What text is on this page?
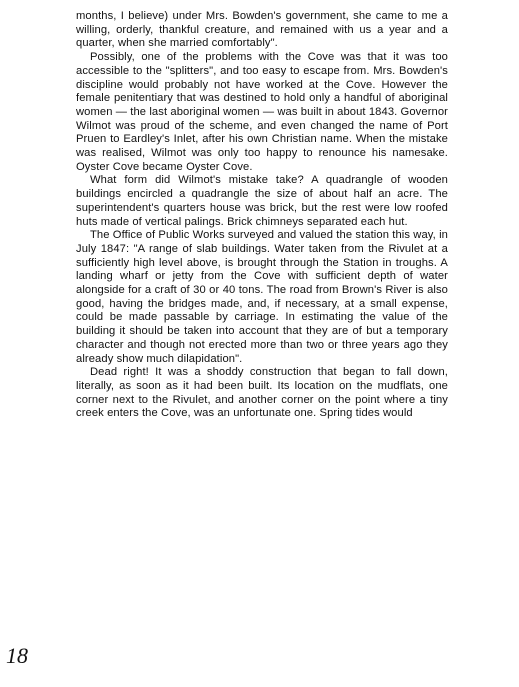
months, I believe) under Mrs. Bowden's government, she came to me a willing, orderly, thankful creature, and remained with us a year and a quarter, when she married comfortably".

Possibly, one of the problems with the Cove was that it was too accessible to the "splitters", and too easy to escape from. Mrs. Bowden's discipline would probably not have worked at the Cove. However the female penitentiary that was destined to hold only a handful of aboriginal women — the last aboriginal women — was built in about 1843. Governor Wilmot was proud of the scheme, and even changed the name of Port Pruen to Eardley's Inlet, after his own Christian name. When the mistake was realised, Wilmot was only too happy to renounce his namesake. Oyster Cove became Oyster Cove.

What form did Wilmot's mistake take? A quadrangle of wooden buildings encircled a quadrangle the size of about half an acre. The superintendent's quarters house was brick, but the rest were low roofed huts made of vertical palings. Brick chimneys separated each hut.

The Office of Public Works surveyed and valued the station this way, in July 1847: "A range of slab buildings. Water taken from the Rivulet at a sufficiently high level above, is brought through the Station in troughs. A landing wharf or jetty from the Cove with sufficient depth of water alongside for a craft of 30 or 40 tons. The road from Brown's River is also good, having the bridges made, and, if necessary, at a small expense, could be made passable by carriage. In estimating the value of the building it should be taken into account that they are of but a temporary character and though not erected more than two or three years ago they already show much dilapidation".

Dead right! It was a shoddy construction that began to fall down, literally, as soon as it had been built. Its location on the mudflats, one corner next to the Rivulet, and another corner on the point where a tiny creek enters the Cove, was an unfortunate one. Spring tides would

18
